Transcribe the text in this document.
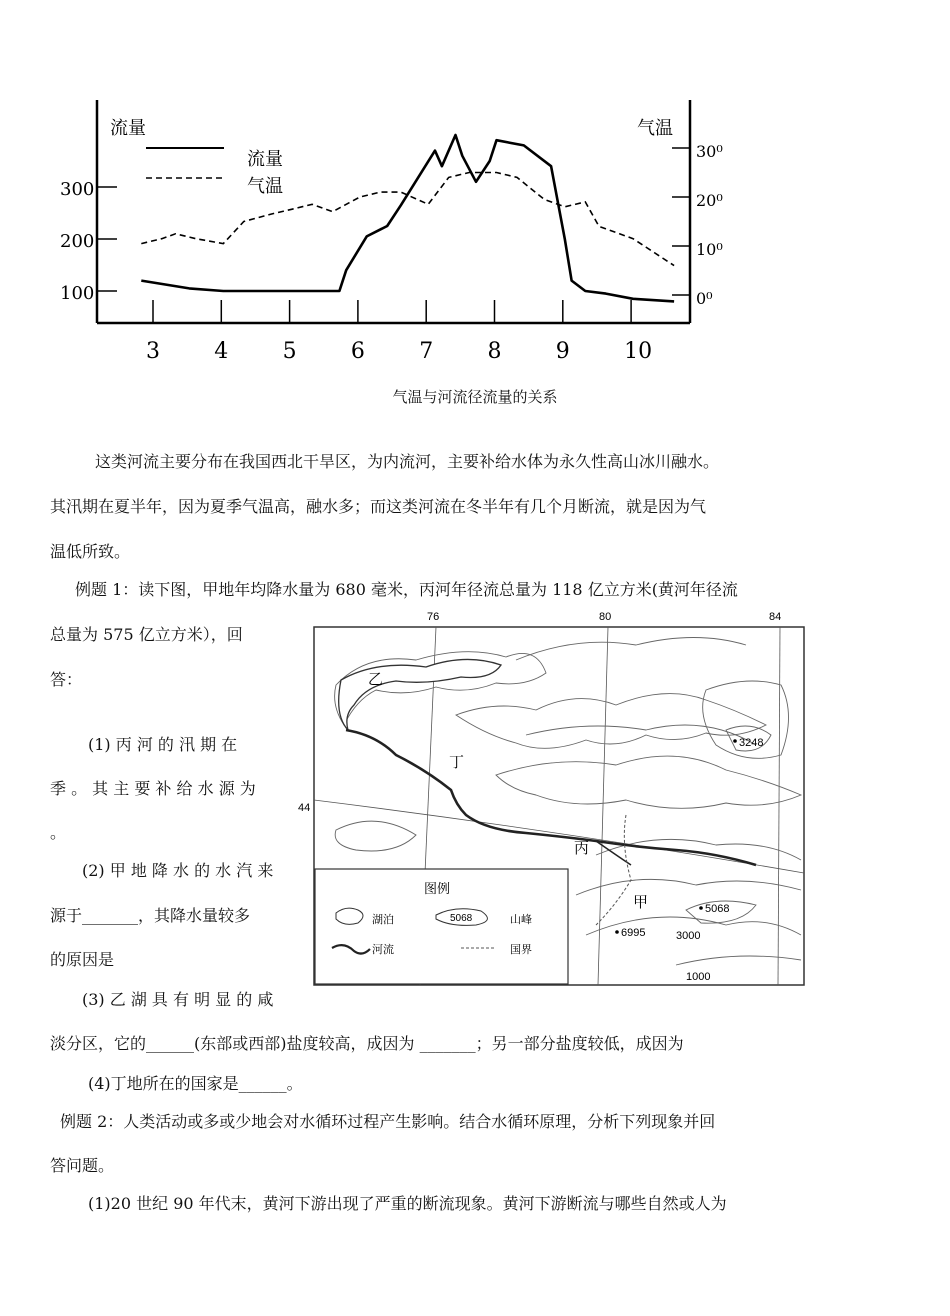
3 4 5 6 7 8 9 10
100
200
300
0⁰
10⁰
20⁰
30⁰
流量	气温
流量
气温
气温与河流径流量的关系
这类河流主要分布在我国西北干旱区，为内流河，主要补给水体为永久性高山冰川融水。
其汛期在夏半年，因为夏季气温高，融水多；而这类河流在冬半年有几个月断流，就是因为气
温低所致。
例题 1：读下图，甲地年均降水量为 680 毫米，丙河年径流总量为 118 亿立方米(黄河年径流
总量为 575 亿立方米），回
答：
(1) 丙 河 的 汛 期 在
季 。 其 主 要 补 给 水 源 为
。
(2) 甲 地 降 水 的 水 汽 来
源于_______，其降水量较多
的原因是
(3) 乙 湖 具 有 明 显 的 咸
淡分区，它的______(东部或西部)盐度较高，成因为 _______；另一部分盐度较低，成因为
(4)丁地所在的国家是______。
例题 2：人类活动或多或少地会对水循环过程产生影响。结合水循环原理，分析下列现象并回
答问题。
(1)20 世纪 90 年代末，黄河下游出现了严重的断流现象。黄河下游断流与哪些自然或人为
76	80	84
44
乙
丁
丙
甲
3248
5068
6995	3000
1000
图例
湖泊	5068	山峰
河流	国界
